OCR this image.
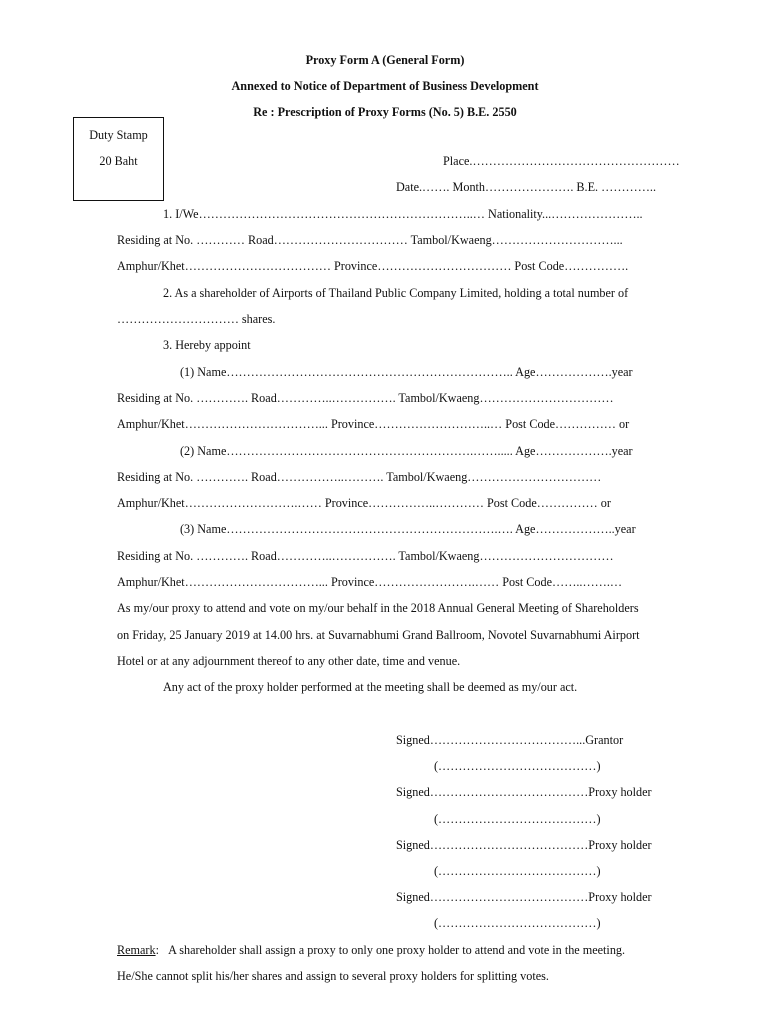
Proxy Form A (General Form)
Annexed to Notice of Department of Business Development
Re : Prescription of Proxy Forms (No. 5) B.E. 2550
Duty Stamp
20 Baht	Place.……………………………………………
Date.……. Month…………………. B.E. …………..
1. I/We…………………………………………………………..… Nationality...…………………..
Residing at No. ………… Road…………………………… Tambol/Kwaeng…………………………...
Amphur/Khet……………………………… Province…………………………… Post Code…………….
2. As a shareholder of Airports of Thailand Public Company Limited, holding a total number of
………………………… shares.
3. Hereby appoint
(1) Name…………………………………………………………….. Age……………….year
Residing at No. …………. Road…………..……………. Tambol/Kwaeng……………………………
Amphur/Khet……………………………... Province………………………..… Post Code…………… or
(2) Name…………………………………………………….……..... Age……………….year
Residing at No. …………. Road……………..………. Tambol/Kwaeng……………………………
Amphur/Khet……………………….…… Province……………..………… Post Code…………… or
(3) Name………………………………………………………….…. Age………………..year
Residing at No. …………. Road…………..……………. Tambol/Kwaeng……………………………
Amphur/Khet……………………………... Province…………………….…… Post Code……..…….…
As my/our proxy to attend and vote on my/our behalf in the 2018 Annual General Meeting of Shareholders
on Friday, 25 January 2019 at 14.00 hrs. at Suvarnabhumi Grand Ballroom, Novotel Suvarnabhumi Airport
Hotel or at any adjournment thereof to any other date, time and venue.
Any act of the proxy holder performed at the meeting shall be deemed as my/our act.
Signed………………………………...Grantor
(…………………………………)
Signed…………………………………Proxy holder
(…………………………………)
Signed…………………………………Proxy holder
(…………………………………)
Signed…………………………………Proxy holder
(…………………………………)
Remark: A shareholder shall assign a proxy to only one proxy holder to attend and vote in the meeting.
He/She cannot split his/her shares and assign to several proxy holders for splitting votes.
